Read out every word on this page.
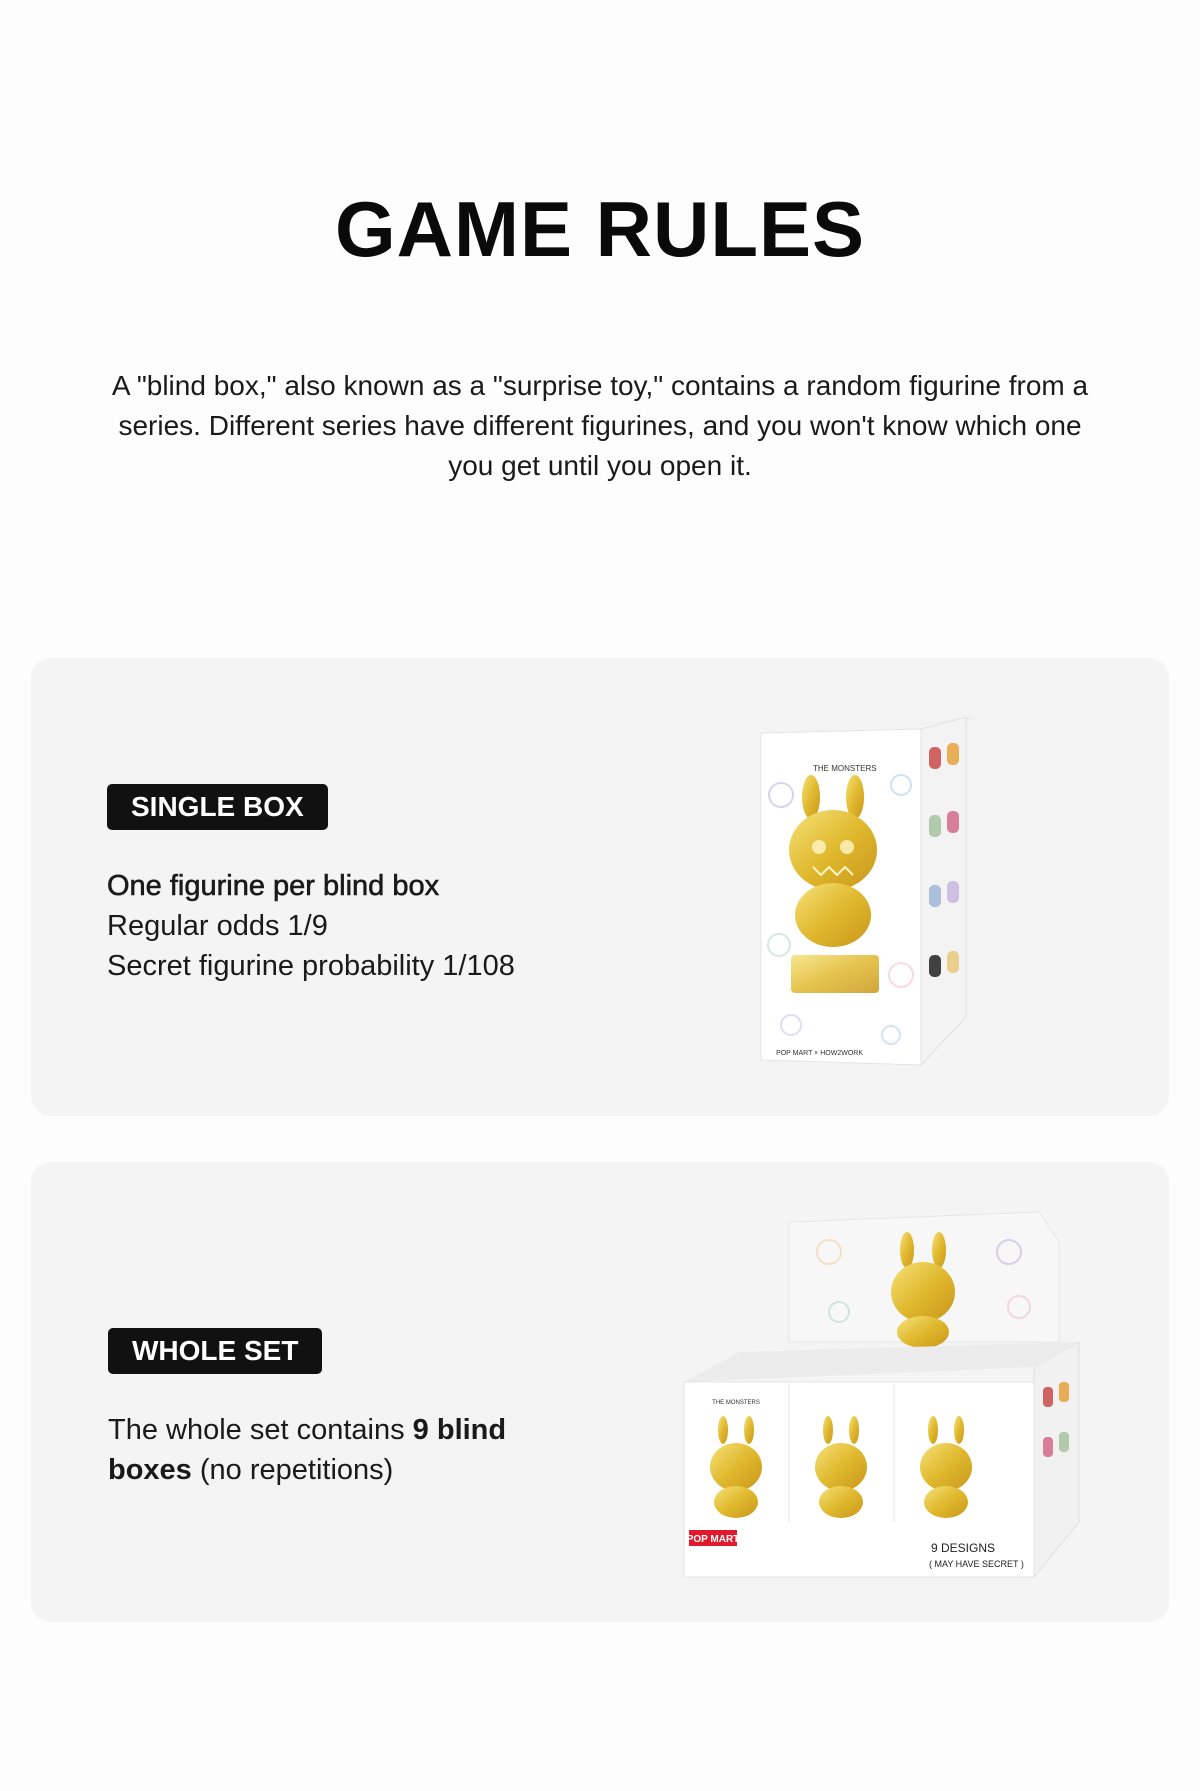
GAME RULES

A "blind box," also known as a "surprise toy," contains a random figurine from a series. Different series have different figurines, and you won't know which one you get until you open it.

SINGLE BOX
One figurine per blind box
Regular odds 1/9
Secret figurine probability 1/108
THE MONSTERS
POP MART × HOW2WORK
WHOLE SET
The whole set contains 9 blind boxes (no repetitions)
THE MONSTERS
POP MART
9 DESIGNS
( MAY HAVE SECRET )
